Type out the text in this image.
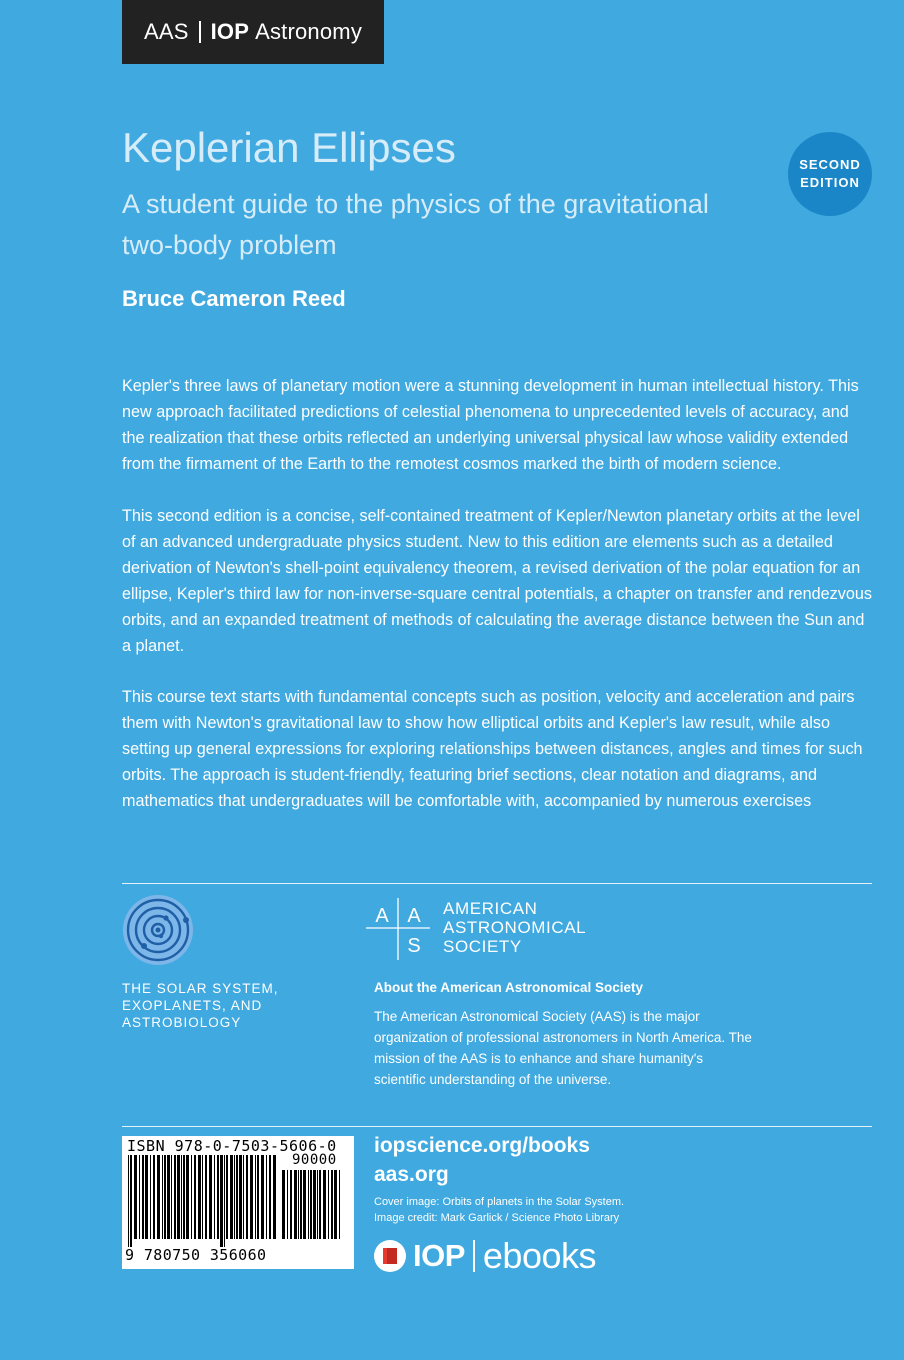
AAS IOP Astronomy
Keplerian Ellipses

A student guide to the physics of the gravitational two-body problem

Bruce Cameron Reed
SECOND
EDITION

Kepler's three laws of planetary motion were a stunning development in human intellectual history. This new approach facilitated predictions of celestial phenomena to unprecedented levels of accuracy, and the realization that these orbits reflected an underlying universal physical law whose validity extended from the firmament of the Earth to the remotest cosmos marked the birth of modern science.

This second edition is a concise, self-contained treatment of Kepler/Newton planetary orbits at the level of an advanced undergraduate physics student. New to this edition are elements such as a detailed derivation of Newton's shell-point equivalency theorem, a revised derivation of the polar equation for an ellipse, Kepler's third law for non-inverse-square central potentials, a chapter on transfer and rendezvous orbits, and an expanded treatment of methods of calculating the average distance between the Sun and a planet.

This course text starts with fundamental concepts such as position, velocity and acceleration and pairs them with Newton's gravitational law to show how elliptical orbits and Kepler's law result, while also setting up general expressions for exploring relationships between distances, angles and times for such orbits. The approach is student-friendly, featuring brief sections, clear notation and diagrams, and mathematics that undergraduates will be comfortable with, accompanied by numerous exercises

THE SOLAR SYSTEM,
EXOPLANETS, AND
ASTROBIOLOGY
A A
S
AMERICAN
ASTRONOMICAL
SOCIETY
About the American Astronomical Society

The American Astronomical Society (AAS) is the major organization of professional astronomers in North America. The mission of the AAS is to enhance and share humanity's scientific understanding of the universe.

ISBN 978-0-7503-5606-0
90000
9 780750 356060
iopscience.org/books
aas.org
Cover image: Orbits of planets in the Solar System.
Image credit: Mark Garlick / Science Photo Library
IOP ebooks
